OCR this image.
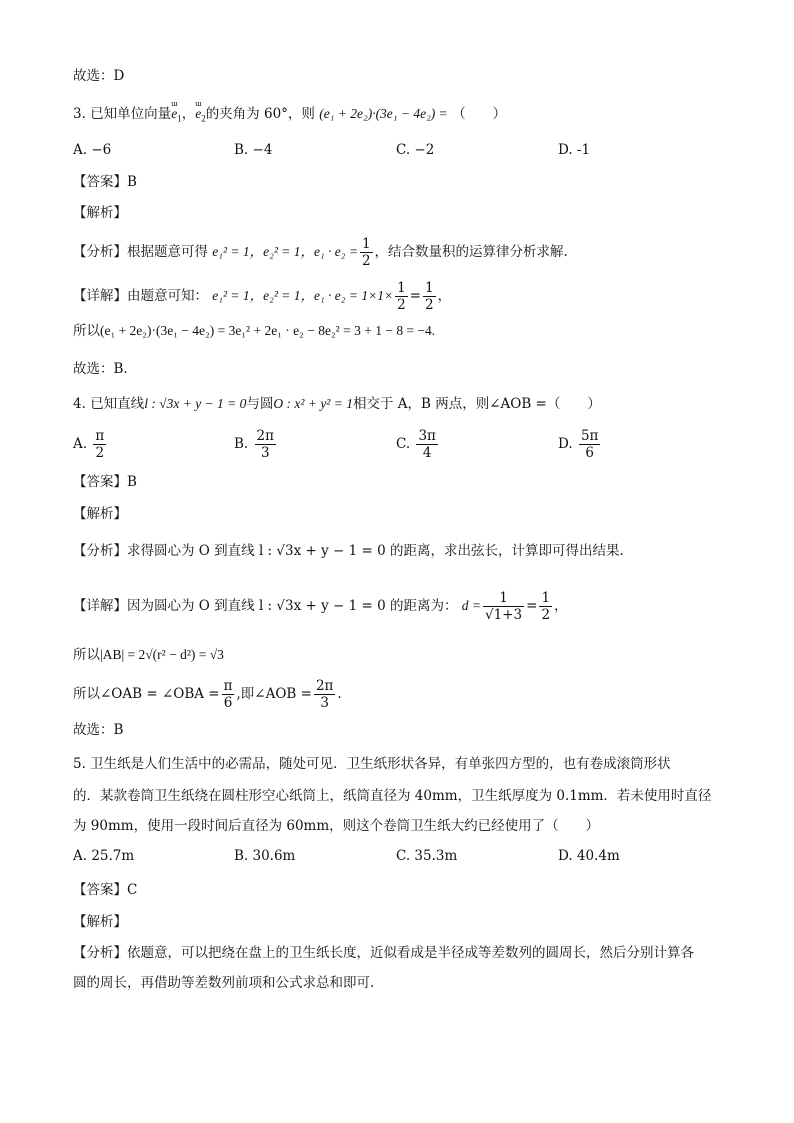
故选：D
3. 已知单位向量ɯ $e_1$，ɯ $e_2$的夹角为 60°，则 (e₁ + 2e₂)·(3e₁ − 4e₂) = （　　）
A. −6	B. −4	C. −2	D. -1
【答案】B
【解析】
【分析】根据题意可得 e₁² = 1，e₂² = 1，$e_1 \cdot e_2 = \frac{1}{2}$ ，结合数量积的运算律分析求解.
【详解】由题意可知： e₁² = 1，e₂² = 1，$e_1 \cdot e_2 = 1\times 1\times \frac{1}{2} = \frac{1}{2}$ ，
所以(e₁ + 2e₂)·(3e₁ − 4e₂) = 3e₁² + 2e₁ · e₂ − 8e₂² = 3 + 1 − 8 = −4.
故选：B.
4. 已知直线l : √3x + y − 1 = 0与圆O : x² + y² = 1相交于 A，B 两点，则∠AOB =（　　）
A. $\frac{\pi}{2}$	B. $\frac{2\pi}{3}$	C. $\frac{3\pi}{4}$	D. $\frac{5\pi}{6}$
【答案】B
【解析】
【分析】求得圆心为 O 到直线 l : √3x + y − 1 = 0 的距离，求出弦长，计算即可得出结果.
【详解】因为圆心为 O 到直线 l : √3x + y − 1 = 0 的距离为： $d = \frac{1}{√1+3} = \frac{1}{2}$ ，
所以|AB| = 2√(r² − d²) = √3
所以∠OAB = ∠OBA = $\frac{\pi}{6}$ ,即∠AOB = $\frac{2\pi}{3}$ .
故选：B
5. 卫生纸是人们生活中的必需品，随处可见．卫生纸形状各异，有单张四方型的，也有卷成滚筒形状
的．某款卷筒卫生纸绕在圆柱形空心纸筒上，纸筒直径为 40mm，卫生纸厚度为 0.1mm．若未使用时直径
为 90mm，使用一段时间后直径为 60mm，则这个卷筒卫生纸大约已经使用了（　　）
A. 25.7m	B. 30.6m	C. 35.3m	D. 40.4m
【答案】C
【解析】
【分析】依题意，可以把绕在盘上的卫生纸长度，近似看成是半径成等差数列的圆周长，然后分别计算各
圆的周长，再借助等差数列前项和公式求总和即可.
